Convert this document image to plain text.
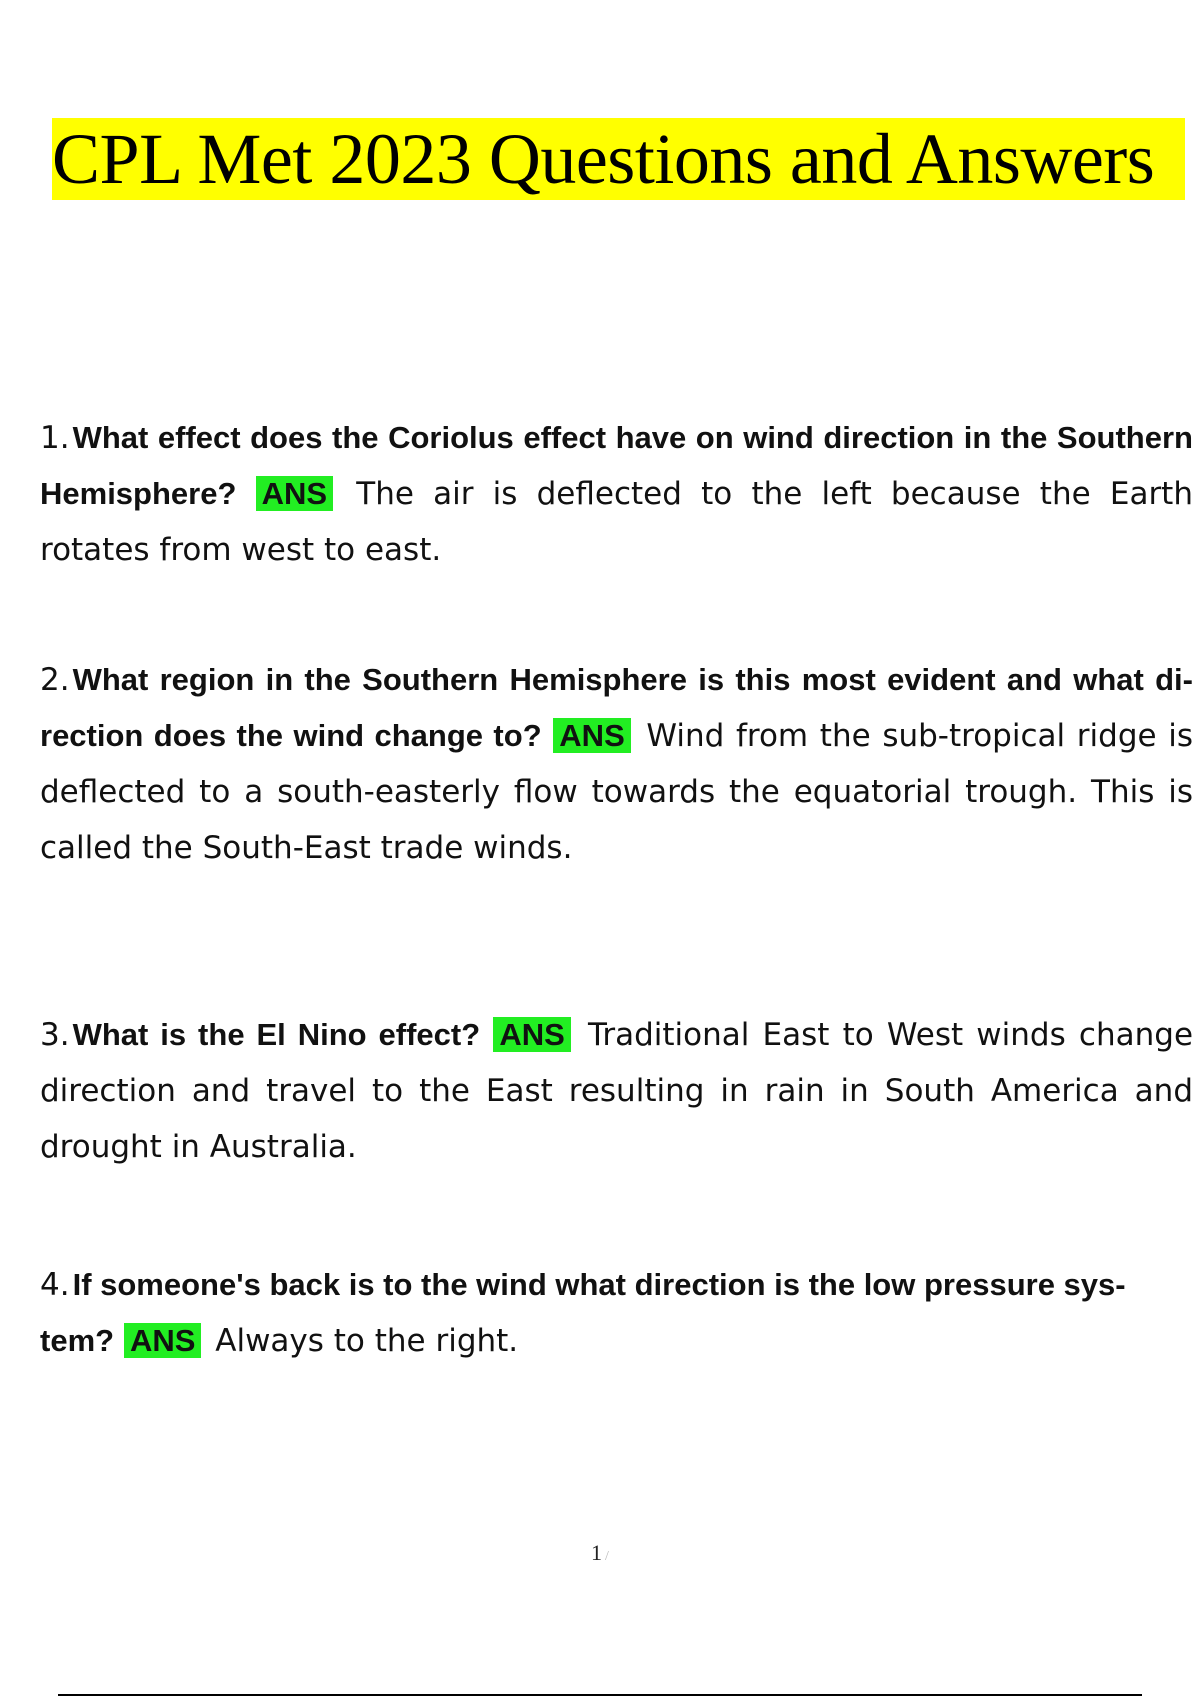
CPL Met 2023 Questions and Answers

1.What effect does the Coriolus effect have on wind direction in the Southern Hemisphere? ANS The air is deflected to the left because the Earth rotates from west to east.

2.What region in the Southern Hemisphere is this most evident and what di- rection does the wind change to? ANS Wind from the sub-tropical ridge is deflected to a south-easterly flow towards the equatorial trough. This is called the South-East trade winds.

3.What is the El Nino effect? ANS Traditional East to West winds change direction and travel to the East resulting in rain in South America and drought in Australia.

4.If someone's back is to the wind what direction is the low pressure sys- tem? ANS Always to the right.

1 /
